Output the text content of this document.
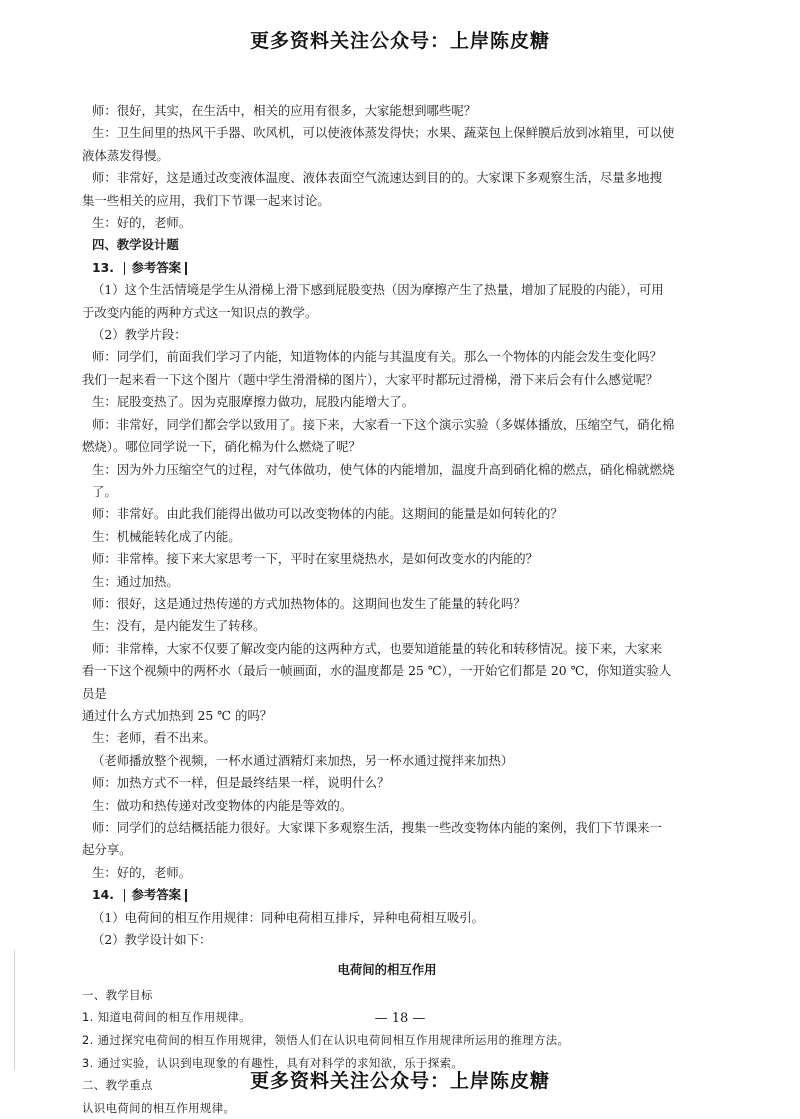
更多资料关注公众号：上岸陈皮糖

师：很好，其实，在生活中，相关的应用有很多，大家能想到哪些呢？

生：卫生间里的热风干手器、吹风机，可以使液体蒸发得快；水果、蔬菜包上保鲜膜后放到冰箱里，可以使

液体蒸发得慢。

师：非常好，这是通过改变液体温度、液体表面空气流速达到目的的。大家课下多观察生活，尽量多地搜

集一些相关的应用，我们下节课一起来讨论。

生：好的，老师。

四、教学设计题

13. 参考答案

（1）这个生活情境是学生从滑梯上滑下感到屁股变热（因为摩擦产生了热量，增加了屁股的内能），可用

于改变内能的两种方式这一知识点的教学。

（2）教学片段：

师：同学们，前面我们学习了内能，知道物体的内能与其温度有关。那么一个物体的内能会发生变化吗？

我们一起来看一下这个图片（题中学生滑滑梯的图片），大家平时都玩过滑梯，滑下来后会有什么感觉呢？

生：屁股变热了。因为克服摩擦力做功，屁股内能增大了。

师：非常好，同学们都会学以致用了。接下来，大家看一下这个演示实验（多媒体播放，压缩空气，硝化棉

燃烧）。哪位同学说一下，硝化棉为什么燃烧了呢？

生：因为外力压缩空气的过程，对气体做功，使气体的内能增加，温度升高到硝化棉的燃点，硝化棉就燃烧了。

师：非常好。由此我们能得出做功可以改变物体的内能。这期间的能量是如何转化的？

生：机械能转化成了内能。

师：非常棒。接下来大家思考一下，平时在家里烧热水，是如何改变水的内能的？

生：通过加热。

师：很好，这是通过热传递的方式加热物体的。这期间也发生了能量的转化吗？

生：没有，是内能发生了转移。

师：非常棒，大家不仅要了解改变内能的这两种方式，也要知道能量的转化和转移情况。接下来，大家来

看一下这个视频中的两杯水（最后一帧画面，水的温度都是 25 ℃），一开始它们都是 20 ℃，你知道实验人员是

通过什么方式加热到 25 ℃ 的吗？

生：老师，看不出来。

（老师播放整个视频，一杯水通过酒精灯来加热，另一杯水通过搅拌来加热）

师：加热方式不一样，但是最终结果一样，说明什么？

生：做功和热传递对改变物体的内能是等效的。

师：同学们的总结概括能力很好。大家课下多观察生活，搜集一些改变物体内能的案例，我们下节课来一

起分享。

生：好的，老师。

14. 参考答案

（1）电荷间的相互作用规律：同种电荷相互排斥，异种电荷相互吸引。

（2）教学设计如下：

电荷间的相互作用

一、教学目标

1. 知道电荷间的相互作用规律。

2. 通过探究电荷间的相互作用规律，领悟人们在认识电荷间相互作用规律所运用的推理方法。

3. 通过实验，认识到电现象的有趣性，具有对科学的求知欲，乐于探索。

二、教学重点

认识电荷间的相互作用规律。

— 18 —
更多资料关注公众号：上岸陈皮糖
